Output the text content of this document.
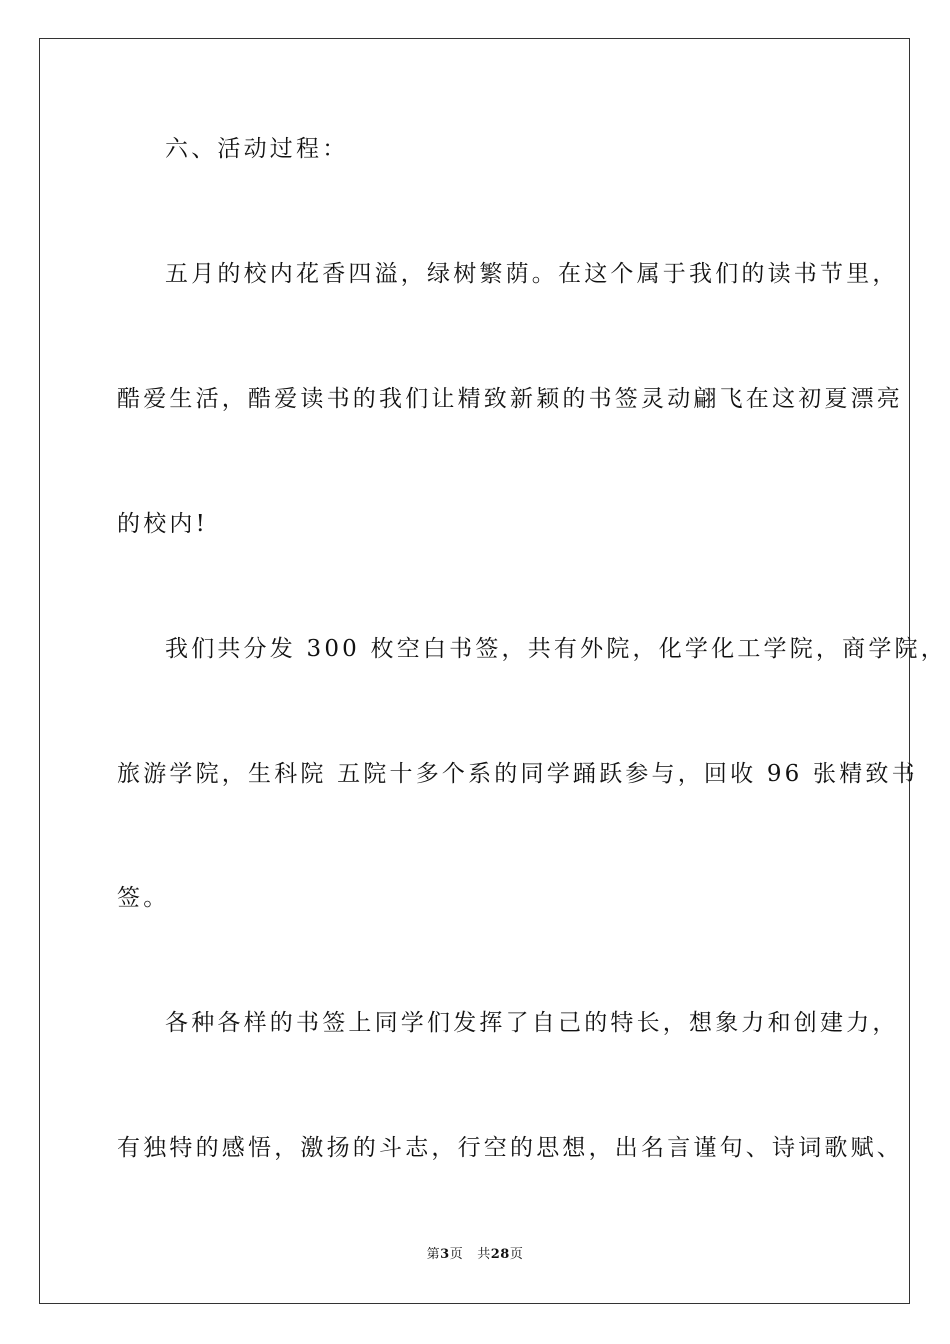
六、活动过程：
五月的校内花香四溢，绿树繁荫。在这个属于我们的读书节里，
酷爱生活，酷爱读书的我们让精致新颖的书签灵动翩飞在这初夏漂亮
的校内!
我们共分发 300 枚空白书签，共有外院，化学化工学院，商学院，
旅游学院，生科院 五院十多个系的同学踊跃参与，回收 96 张精致书
签。
各种各样的书签上同学们发挥了自己的特长，想象力和创建力，
有独特的感悟，激扬的斗志，行空的思想，出名言谨句、诗词歌赋、
第3页 共28页
